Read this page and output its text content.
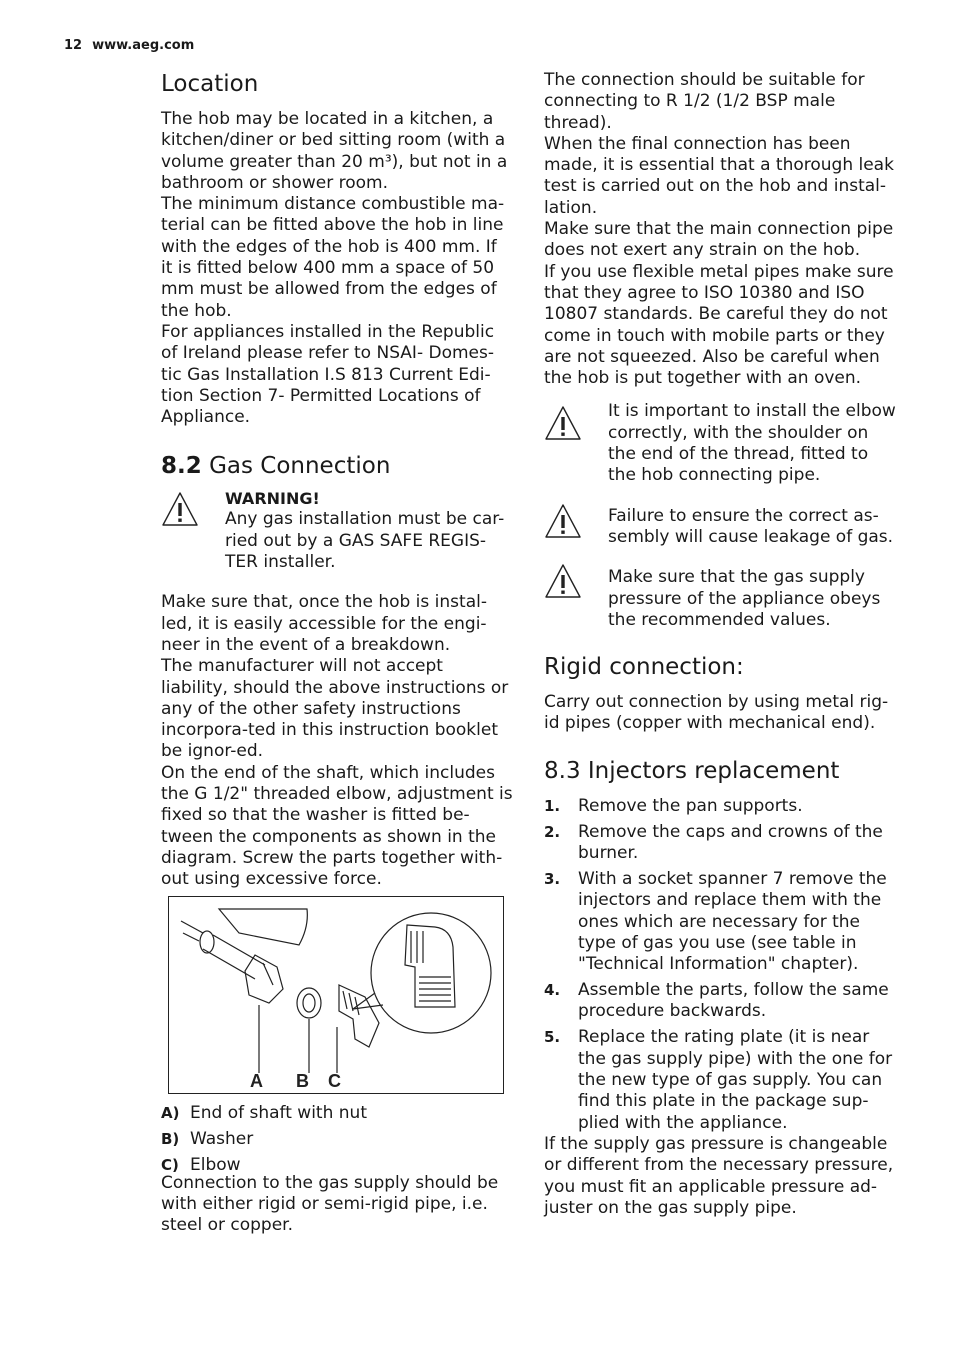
12 www.aeg.com
Location

The hob may be located in a kitchen, a kitchen/diner or bed sitting room (with a volume greater than 20 m³), but not in a bathroom or shower room.

The minimum distance combustible ma-terial can be fitted above the hob in line with the edges of the hob is 400 mm. If it is fitted below 400 mm a space of 50 mm must be allowed from the edges of the hob.

For appliances installed in the Republic of Ireland please refer to NSAI- Domes-tic Gas Installation I.S 813 Current Edi-tion Section 7- Permitted Locations of Appliance.

8.2 Gas Connection
WARNING!

Any gas installation must be car-ried out by a GAS SAFE REGIS-TER installer.

Make sure that, once the hob is instal-led, it is easily accessible for the engi-neer in the event of a breakdown.

The manufacturer will not accept liability, should the above instructions or any of the other safety instructions incorpora-ted in this instruction booklet be ignor-ed.

On the end of the shaft, which includes the G 1/2" threaded elbow, adjustment is fixed so that the washer is fitted be-tween the components as shown in the diagram. Screw the parts together with-out using excessive force.

A B C
A) End of shaft with nut
B) Washer
C) Elbow

Connection to the gas supply should be with either rigid or semi-rigid pipe, i.e. steel or copper.

The connection should be suitable for connecting to R 1/2 (1/2 BSP male thread).

When the final connection has been made, it is essential that a thorough leak test is carried out on the hob and instal-lation.

Make sure that the main connection pipe does not exert any strain on the hob.

If you use flexible metal pipes make sure that they agree to ISO 10380 and ISO 10807 standards. Be careful they do not come in touch with mobile parts or they are not squeezed. Also be careful when the hob is put together with an oven.

It is important to install the elbow correctly, with the shoulder on the end of the thread, fitted to the hob connecting pipe.

Failure to ensure the correct as-sembly will cause leakage of gas.

Make sure that the gas supply pressure of the appliance obeys the recommended values.

Rigid connection:

Carry out connection by using metal rig-id pipes (copper with mechanical end).

8.3 Injectors replacement
1.	Remove the pan supports.
2.	Remove the caps and crowns of the burner.
3.	With a socket spanner 7 remove the injectors and replace them with the ones which are necessary for the type of gas you use (see table in "Technical Information" chapter).
4.	Assemble the parts, follow the same procedure backwards.
5.	Replace the rating plate (it is near the gas supply pipe) with the one for the new type of gas supply. You can find this plate in the package sup-plied with the appliance.

If the supply gas pressure is changeable or different from the necessary pressure, you must fit an applicable pressure ad-juster on the gas supply pipe.
